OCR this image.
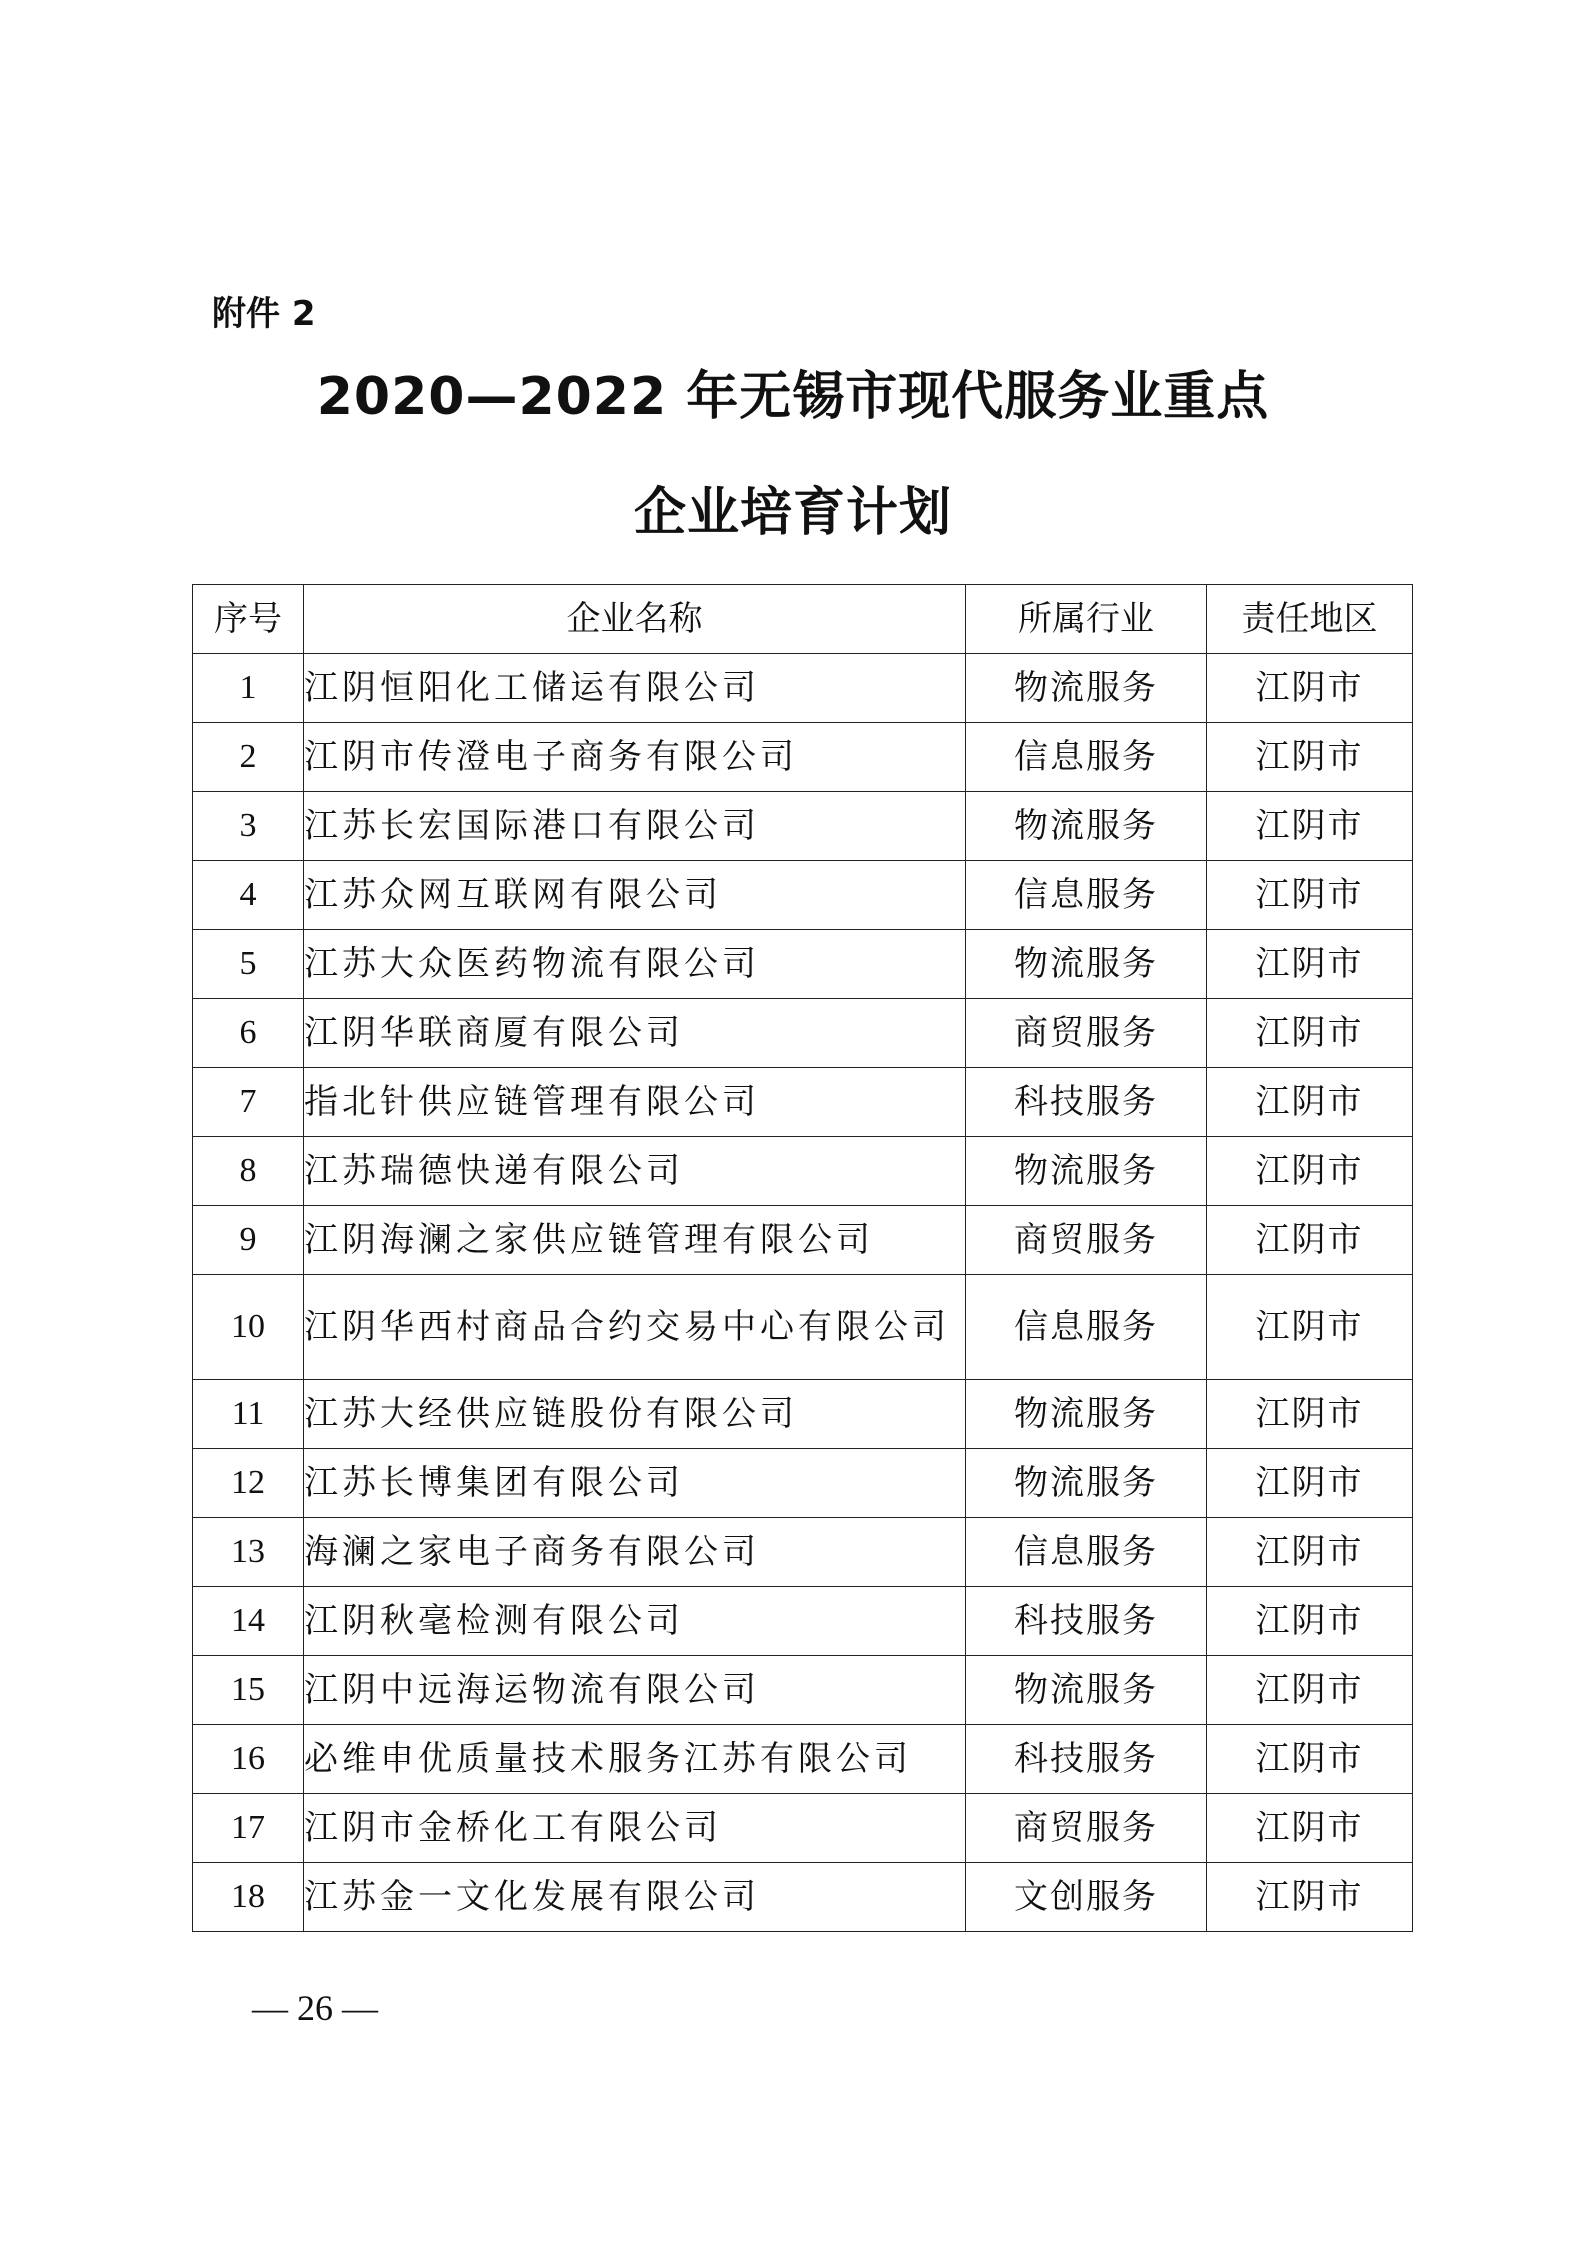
附件 2
2020—2022 年无锡市现代服务业重点
企业培育计划
序号	企业名称	所属行业	责任地区
1	江阴恒阳化工储运有限公司	物流服务	江阴市
2	江阴市传澄电子商务有限公司	信息服务	江阴市
3	江苏长宏国际港口有限公司	物流服务	江阴市
4	江苏众网互联网有限公司	信息服务	江阴市
5	江苏大众医药物流有限公司	物流服务	江阴市
6	江阴华联商厦有限公司	商贸服务	江阴市
7	指北针供应链管理有限公司	科技服务	江阴市
8	江苏瑞德快递有限公司	物流服务	江阴市
9	江阴海澜之家供应链管理有限公司	商贸服务	江阴市
10	江阴华西村商品合约交易中心有限公司	信息服务	江阴市
11	江苏大经供应链股份有限公司	物流服务	江阴市
12	江苏长博集团有限公司	物流服务	江阴市
13	海澜之家电子商务有限公司	信息服务	江阴市
14	江阴秋毫检测有限公司	科技服务	江阴市
15	江阴中远海运物流有限公司	物流服务	江阴市
16	必维申优质量技术服务江苏有限公司	科技服务	江阴市
17	江阴市金桥化工有限公司	商贸服务	江阴市
18	江苏金一文化发展有限公司	文创服务	江阴市
— 26 —
